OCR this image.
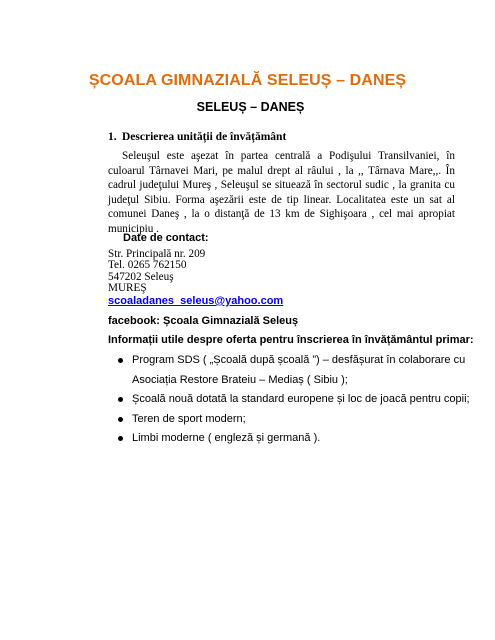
ȘCOALA GIMNAZIALĂ SELEUȘ – DANEȘ
SELEUȘ – DANEȘ
1. Descrierea unității de învățământ

Seleuşul este aşezat în partea centrală a Podişului Transilvaniei, în culoarul Târnavei Mari, pe malul drept al râului , la ,, Târnava Mare,,. În cadrul judeţului Mureş , Seleuşul se situează în sectorul sudic , la granita cu judeţul Sibiu. Forma aşezării este de tip linear. Localitatea este un sat al comunei Daneş , la o distanţă de 13 km de Sighişoara , cel mai apropiat municipiu .

Date de contact:
Str. Principală nr. 209
Tel. 0265 762150
547202 Seleuş
MUREŞ
scoaladanes_seleus@yahoo.com
facebook: Școala Gimnazială Seleuș
Informații utile despre oferta pentru înscrierea în învățământul primar:
Program SDS ( „Școală după școală ”) – desfășurat în colaborare cu Asociația Restore Brateiu – Mediaș ( Sibiu );
Școală nouă dotată la standard europene și loc de joacă pentru copii;
Teren de sport modern;
Limbi moderne ( engleză și germană ).
